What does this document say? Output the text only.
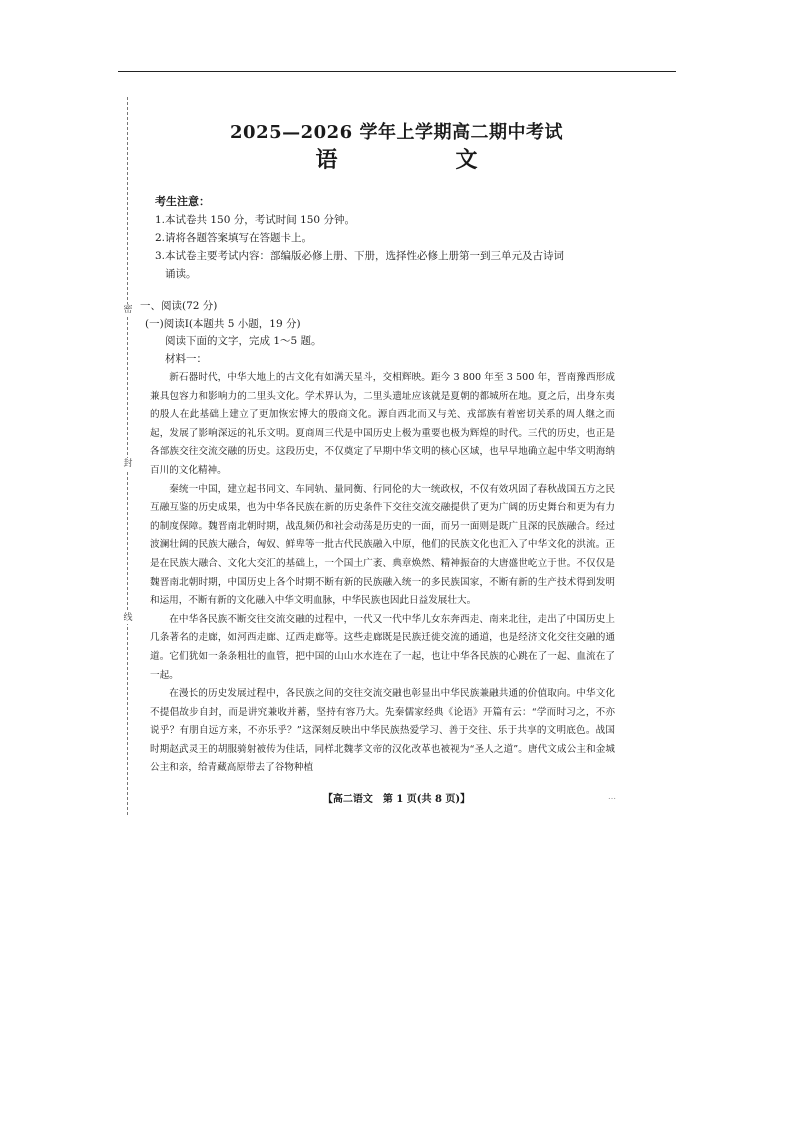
密
封
线
2025—2026 学年上学期高二期中考试
语　文
考生注意：
1.本试卷共 150 分，考试时间 150 分钟。
2.请将各题答案填写在答题卡上。
3.本试卷主要考试内容：部编版必修上册、下册，选择性必修上册第一到三单元及古诗词
诵读。
一、阅读(72 分)
(一)阅读Ⅰ(本题共 5 小题，19 分)
阅读下面的文字，完成 1～5 题。
材料一：

新石器时代，中华大地上的古文化有如满天星斗，交相辉映。距今 3 800 年至 3 500 年，晋南豫西形成兼具包容力和影响力的二里头文化。学术界认为，二里头遗址应该就是夏朝的都城所在地。夏之后，出身东夷的殷人在此基础上建立了更加恢宏博大的殷商文化。源自西北而又与羌、戎部族有着密切关系的周人继之而起，发展了影响深远的礼乐文明。夏商周三代是中国历史上极为重要也极为辉煌的时代。三代的历史，也正是各部族交往交流交融的历史。这段历史，不仅奠定了早期中华文明的核心区域，也早早地确立起中华文明海纳百川的文化精神。

秦统一中国，建立起书同文、车同轨、量同衡、行同伦的大一统政权，不仅有效巩固了春秋战国五方之民互融互鉴的历史成果，也为中华各民族在新的历史条件下交往交流交融提供了更为广阔的历史舞台和更为有力的制度保障。魏晋南北朝时期，战乱频仍和社会动荡是历史的一面，而另一面则是既广且深的民族融合。经过波澜壮阔的民族大融合，匈奴、鲜卑等一批古代民族融入中原，他们的民族文化也汇入了中华文化的洪流。正是在民族大融合、文化大交汇的基础上，一个国土广袤、典章焕然、精神振奋的大唐盛世屹立于世。不仅仅是魏晋南北朝时期，中国历史上各个时期不断有新的民族融入统一的多民族国家，不断有新的生产技术得到发明和运用，不断有新的文化融入中华文明血脉，中华民族也因此日益发展壮大。

在中华各民族不断交往交流交融的过程中，一代又一代中华儿女东奔西走、南来北往，走出了中国历史上几条著名的走廊，如河西走廊、辽西走廊等。这些走廊既是民族迁徙交流的通道，也是经济文化交往交融的通道。它们犹如一条条粗壮的血管，把中国的山山水水连在了一起，也让中华各民族的心跳在了一起、血流在了一起。

在漫长的历史发展过程中，各民族之间的交往交流交融也彰显出中华民族兼融共通的价值取向。中华文化不提倡故步自封，而是讲究兼收并蓄，坚持有容乃大。先秦儒家经典《论语》开篇有云：“学而时习之，不亦说乎？有朋自远方来，不亦乐乎？”这深刻反映出中华民族热爱学习、善于交往、乐于共享的文明底色。战国时期赵武灵王的胡服骑射被传为佳话，同样北魏孝文帝的汉化改革也被视为“圣人之道”。唐代文成公主和金城公主和亲，给青藏高原带去了谷物种植

【高二语文　第 1 页(共 8 页)】	…
